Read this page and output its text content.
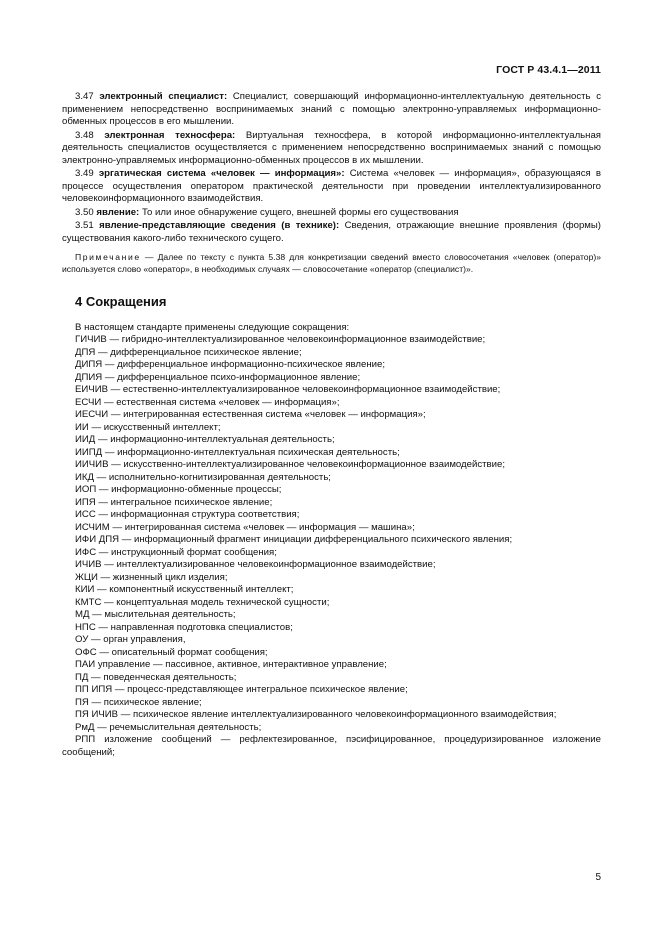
ГОСТ Р 43.4.1—2011

3.47 электронный специалист: Специалист, совершающий информационно-интеллектуальную деятельность с применением непосредственно воспринимаемых знаний с помощью электронно-управляемых информационно-обменных процессов в его мышлении.

3.48 электронная техносфера: Виртуальная техносфера, в которой информационно-интеллектуальная деятельность специалистов осуществляется с применением непосредственно воспринимаемых знаний с помощью электронно-управляемых информационно-обменных процессов в их мышлении.

3.49 эргатическая система «человек — информация»: Система «человек — информация», образующаяся в процессе осуществления оператором практической деятельности при проведении интеллектуализированного человекоинформационного взаимодействия.

3.50 явление: То или иное обнаружение сущего, внешней формы его существования

3.51 явление-представляющие сведения (в технике): Сведения, отражающие внешние проявления (формы) существования какого-либо технического сущего.

Примечание — Далее по тексту с пункта 5.38 для конкретизации сведений вместо словосочетания «человек (оператор)» используется слово «оператор», в необходимых случаях — словосочетание «оператор (специалист)».

4 Сокращения

В настоящем стандарте применены следующие сокращения:

ГИЧИВ — гибридно-интеллектуализированное человекоинформационное взаимодействие;
ДПЯ — дифференциальное психическое явление;
ДИПЯ — дифференциальное информационно-психическое явление;
ДПИЯ — дифференциальное психо-информационное явление;
ЕИЧИВ — естественно-интеллектуализированное человекоинформационное взаимодействие;
ЕСЧИ — естественная система «человек — информация»;
ИЕСЧИ — интегрированная естественная система «человек — информация»;
ИИ — искусственный интеллект;
ИИД — информационно-интеллектуальная деятельность;
ИИПД — информационно-интеллектуальная психическая деятельность;
ИИЧИВ — искусственно-интеллектуализированное человекоинформационное взаимодействие;
ИКД — исполнительно-когнитизированная деятельность;
ИОП — информационно-обменные процессы;
ИПЯ — интегральное психическое явление;
ИСС — информационная структура соответствия;
ИСЧИМ — интегрированная система «человек — информация — машина»;
ИФИ ДПЯ — информационный фрагмент инициации дифференциального психического явления;
ИФС — инструкционный формат сообщения;
ИЧИВ — интеллектуализированное человекоинформационное взаимодействие;
ЖЦИ — жизненный цикл изделия;
КИИ — компонентный искусственный интеллект;
КМТС — концептуальная модель технической сущности;
МД — мыслительная деятельность;
НПС — направленная подготовка специалистов;
ОУ — орган управления,
ОФС — описательный формат сообщения;
ПАИ управление — пассивное, активное, интерактивное управление;
ПД — поведенческая деятельность;
ПП ИПЯ — процесс-представляющее интегральное психическое явление;
ПЯ — психическое явление;
ПЯ ИЧИВ — психическое явление интеллектуализированного человекоинформационного взаимодействия;
РмД — речемыслительная деятельность;
РПП изложение сообщений — рефлектезированное, пэсифицированное, процедуризированное изложение сообщений;
5
